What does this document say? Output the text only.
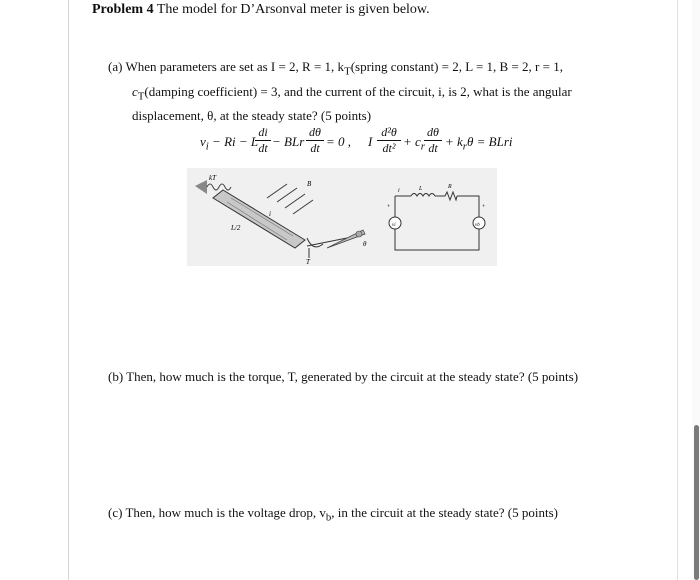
Problem 4 The model for D’Arsonval meter is given below.
(a) When parameters are set as I = 2, R = 1, $k_T(spring$ constant) = 2, L = 1, B = 2, r = 1,
$c_T(damping$ coefficient) = 3, and the current of the circuit, i, is 2, what is the angular
displacement, θ, at the steady state? (5 points)
$v_i - Ri - L$
di
dt − BLr
dθ
dt = 0 , I
d²θ
$dt^2 + c_r$
dθ
dt + $k_r\theta$ = BLri
kT
B
i
L/2
T
θ
vi	vb
i	L	R
+	+
(b) Then, how much is the torque, T, generated by the circuit at the steady state? (5 points)
(c) Then, how much is the voltage drop, $v_b$, in the circuit at the steady state? (5 points)
